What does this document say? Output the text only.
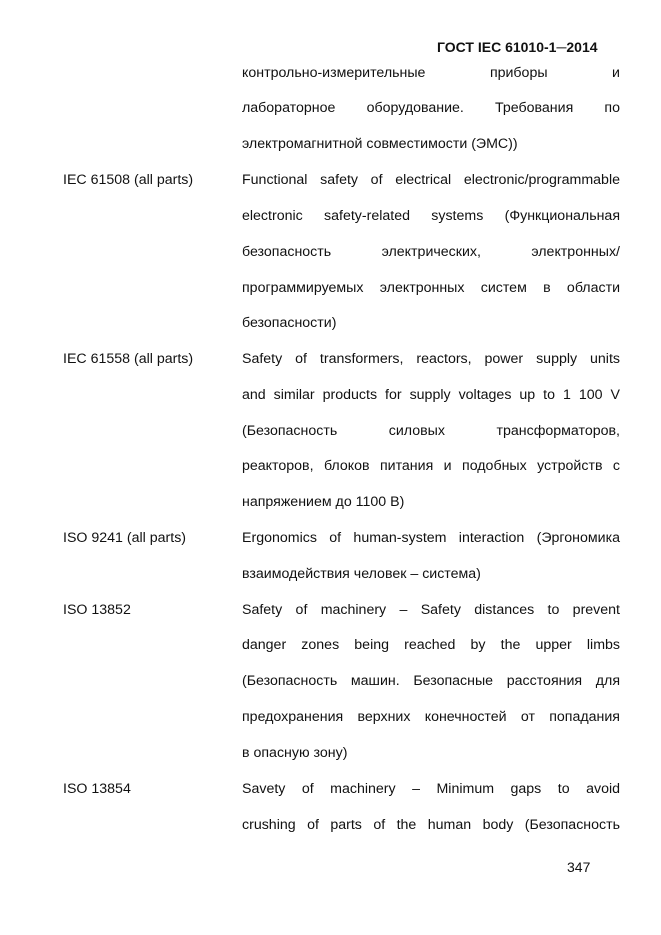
ГОСТ IEC 61010-1─2014
контрольно-измерительные приборы и
лабораторное оборудование. Требования по
электромагнитной совместимости (ЭМС))
IEC 61508 (all parts)	Functional safety of electrical electronic/programmable
electronic safety-related systems (Функциональная
безопасность электрических, электронных/
программируемых электронных систем в области
безопасности)
IEC 61558 (all parts)	Safety of transformers, reactors, power supply units
and similar products for supply voltages up to 1 100 V
(Безопасность силовых трансформаторов,
реакторов, блоков питания и подобных устройств с
напряжением до 1100 В)
ISO 9241 (all parts)	Ergonomics of human-system interaction (Эргономика
взаимодействия человек – система)
ISO 13852	Safety of machinery – Safety distances to prevent
danger zones being reached by the upper limbs
(Безопасность машин. Безопасные расстояния для
предохранения верхних конечностей от попадания
в опасную зону)
ISO 13854	Savety of machinery – Minimum gaps to avoid
crushing of parts of the human body (Безопасность
347
